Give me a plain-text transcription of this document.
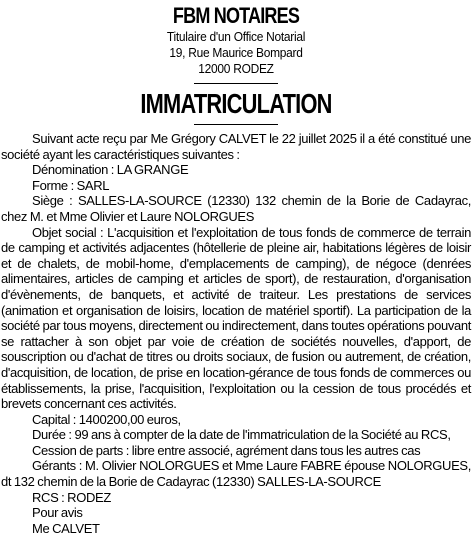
FBM NOTAIRES
Titulaire d'un Office Notarial
19, Rue Maurice Bompard
12000 RODEZ
IMMATRICULATION

Suivant acte reçu par Me Grégory CALVET le 22 juillet 2025 il a été constitué une société ayant les caractéristiques suivantes :

Dénomination : LA GRANGE

Forme : SARL

Siège : SALLES-LA-SOURCE (12330) 132 chemin de la Borie de Cadayrac, chez M. et Mme Olivier et Laure NOLORGUES

Objet social : L'acquisition et l'exploitation de tous fonds de commerce de terrain de camping et activités adjacentes (hôtellerie de pleine air, habitations légères de loisir et de chalets, de mobil-home, d'emplacements de camping), de négoce (denrées alimentaires, articles de camping et articles de sport), de restauration, d'organisation d'évènements, de banquets, et activité de traiteur. Les prestations de services (animation et organisation de loisirs, location de matériel sportif). La participation de la société par tous moyens, directement ou indirectement, dans toutes opérations pouvant se rattacher à son objet par voie de création de sociétés nouvelles, d'apport, de souscription ou d'achat de titres ou droits sociaux, de fusion ou autrement, de création, d'acquisition, de location, de prise en location-gérance de tous fonds de commerces ou établissements, la prise, l'acquisition, l'exploitation ou la cession de tous procédés et brevets concernant ces activités.

Capital : 1400200,00 euros,

Durée : 99 ans à compter de la date de l'immatriculation de la Société au RCS,

Cession de parts : libre entre associé, agrément dans tous les autres cas

Gérants : M. Olivier NOLORGUES et Mme Laure FABRE épouse NOLORGUES, dt 132 chemin de la Borie de Cadayrac (12330) SALLES-LA-SOURCE

RCS : RODEZ

Pour avis

Me CALVET
